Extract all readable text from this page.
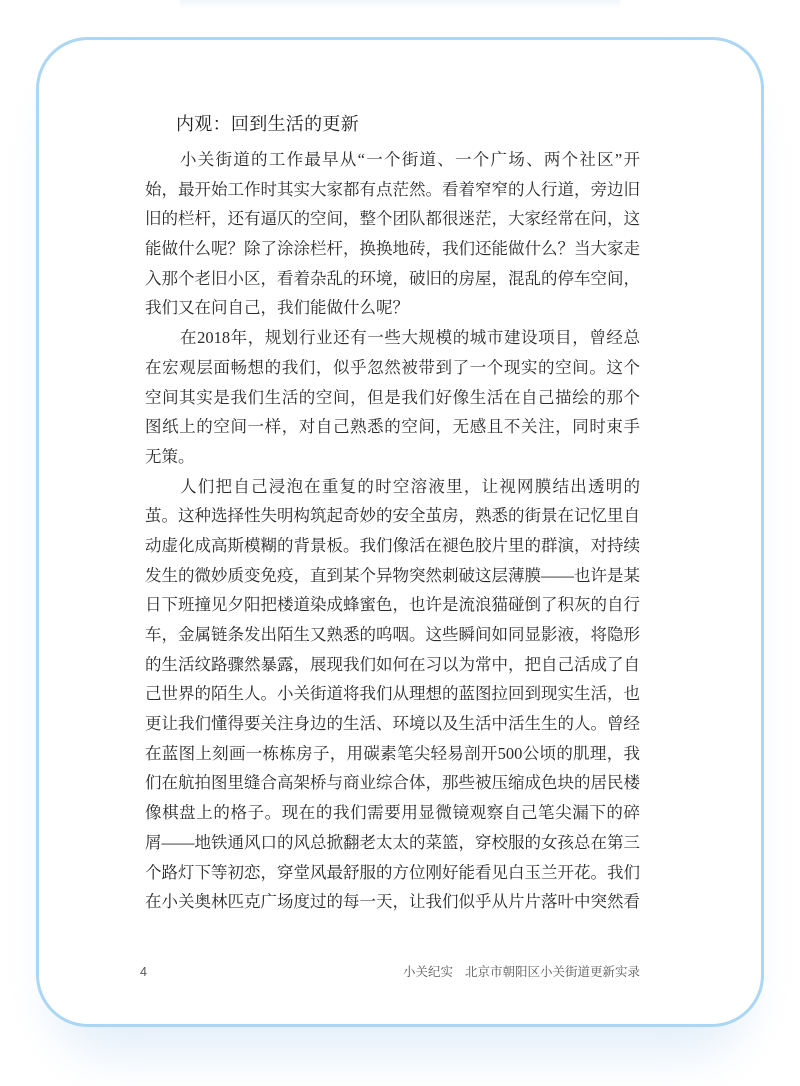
内观：回到生活的更新
小关街道的工作最早从“一个街道、一个广场、两个社区”开
始，最开始工作时其实大家都有点茫然。看着窄窄的人行道，旁边旧
旧的栏杆，还有逼仄的空间，整个团队都很迷茫，大家经常在问，这
能做什么呢？除了涂涂栏杆，换换地砖，我们还能做什么？当大家走
入那个老旧小区，看着杂乱的环境，破旧的房屋，混乱的停车空间，
我们又在问自己，我们能做什么呢？
在2018年，规划行业还有一些大规模的城市建设项目，曾经总
在宏观层面畅想的我们，似乎忽然被带到了一个现实的空间。这个
空间其实是我们生活的空间，但是我们好像生活在自己描绘的那个
图纸上的空间一样，对自己熟悉的空间，无感且不关注，同时束手
无策。
人们把自己浸泡在重复的时空溶液里，让视网膜结出透明的
茧。这种选择性失明构筑起奇妙的安全茧房，熟悉的街景在记忆里自
动虚化成高斯模糊的背景板。我们像活在褪色胶片里的群演，对持续
发生的微妙质变免疫，直到某个异物突然刺破这层薄膜——也许是某
日下班撞见夕阳把楼道染成蜂蜜色，也许是流浪猫碰倒了积灰的自行
车，金属链条发出陌生又熟悉的呜咽。这些瞬间如同显影液，将隐形
的生活纹路骤然暴露，展现我们如何在习以为常中，把自己活成了自
己世界的陌生人。小关街道将我们从理想的蓝图拉回到现实生活，也
更让我们懂得要关注身边的生活、环境以及生活中活生生的人。曾经
在蓝图上刻画一栋栋房子，用碳素笔尖轻易剖开500公顷的肌理，我
们在航拍图里缝合高架桥与商业综合体，那些被压缩成色块的居民楼
像棋盘上的格子。现在的我们需要用显微镜观察自己笔尖漏下的碎
屑——地铁通风口的风总掀翻老太太的菜篮，穿校服的女孩总在第三
个路灯下等初恋，穿堂风最舒服的方位刚好能看见白玉兰开花。我们
在小关奥林匹克广场度过的每一天，让我们似乎从片片落叶中突然看
4	小关纪实 北京市朝阳区小关街道更新实录
